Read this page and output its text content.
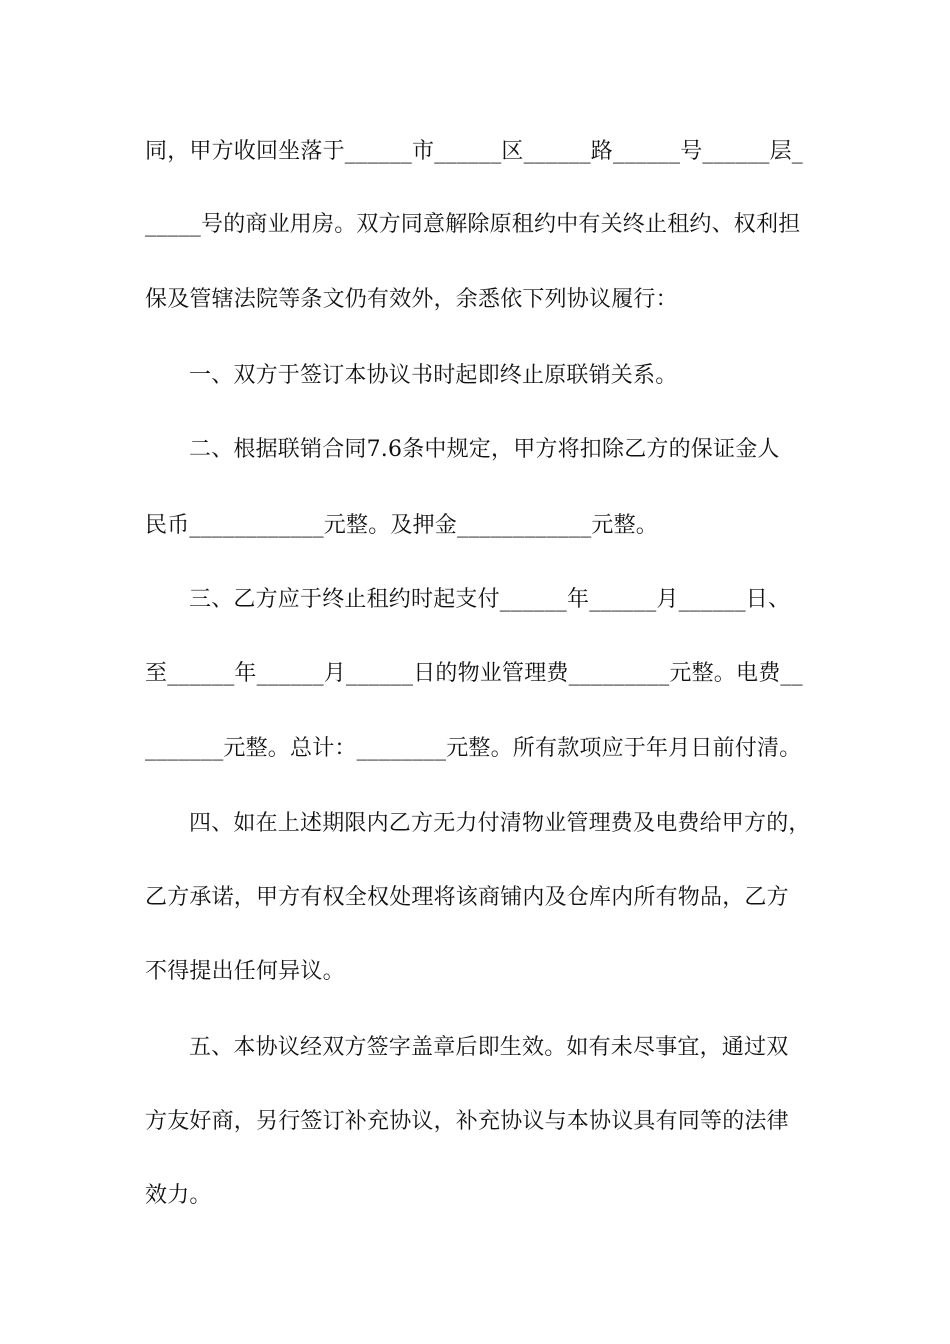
同，甲方收回坐落于______市______区______路______号______层_
_____号的商业用房。双方同意解除原租约中有关终止租约、权利担
保及管辖法院等条文仍有效外，余悉依下列协议履行：
一、双方于签订本协议书时起即终止原联销关系。
二、根据联销合同7.6条中规定，甲方将扣除乙方的保证金人
民币____________元整。及押金____________元整。
三、乙方应于终止租约时起支付______年______月______日、
至______年______月______日的物业管理费_________元整。电费__
_______元整。总计：________元整。所有款项应于年月日前付清。
四、如在上述期限内乙方无力付清物业管理费及电费给甲方的，
乙方承诺，甲方有权全权处理将该商铺内及仓库内所有物品，乙方
不得提出任何异议。
五、本协议经双方签字盖章后即生效。如有未尽事宜，通过双
方友好商，另行签订补充协议，补充协议与本协议具有同等的法律
效力。
